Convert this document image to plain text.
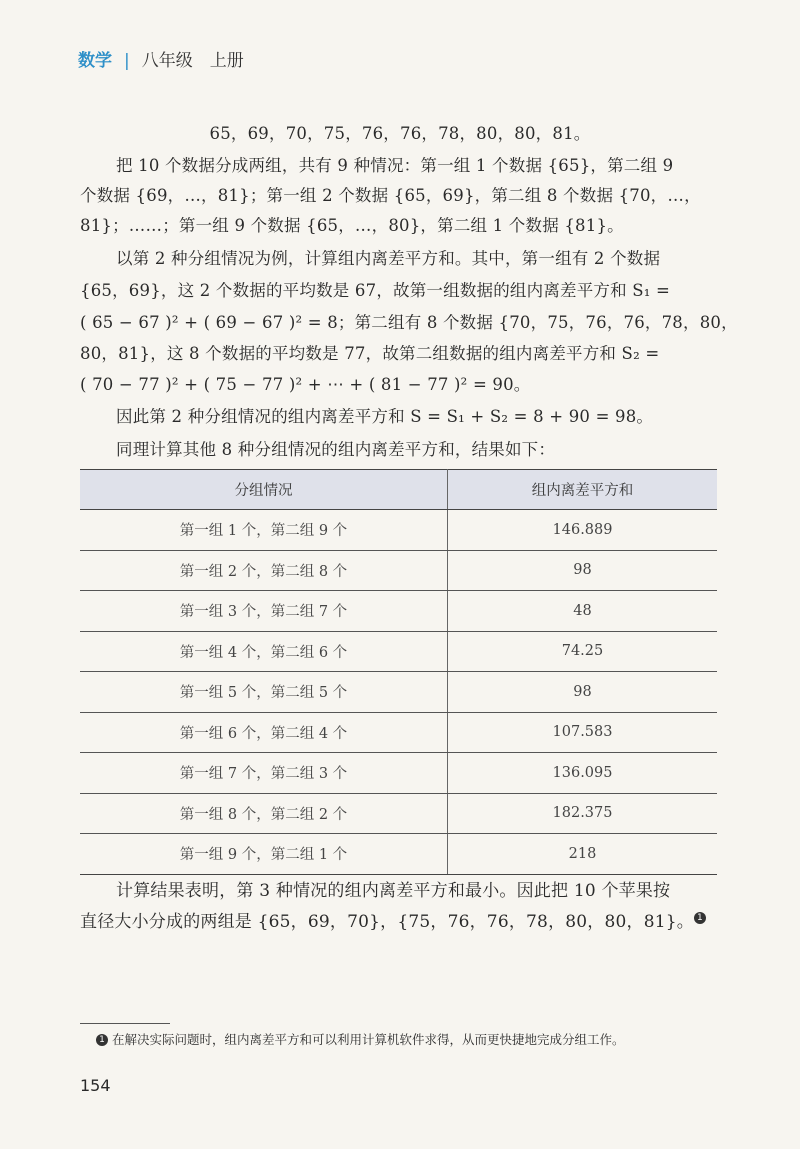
数学 | 八年级　上册
65，69，70，75，76，76，78，80，80，81。
把 10 个数据分成两组，共有 9 种情况：第一组 1 个数据 {65}，第二组 9
个数据 {69，…，81}；第一组 2 个数据 {65，69}，第二组 8 个数据 {70，…，
81}；……；第一组 9 个数据 {65，…，80}，第二组 1 个数据 {81}。
以第 2 种分组情况为例，计算组内离差平方和。其中，第一组有 2 个数据
{65，69}，这 2 个数据的平均数是 67，故第一组数据的组内离差平方和 S₁ =
( 65 − 67 )² + ( 69 − 67 )² = 8；第二组有 8 个数据 {70，75，76，76，78，80，
80，81}，这 8 个数据的平均数是 77，故第二组数据的组内离差平方和 S₂ =
( 70 − 77 )² + ( 75 − 77 )² + ⋯ + ( 81 − 77 )² = 90。
因此第 2 种分组情况的组内离差平方和 S = S₁ + S₂ = 8 + 90 = 98。
同理计算其他 8 种分组情况的组内离差平方和，结果如下：
分组情况	组内离差平方和
第一组 1 个，第二组 9 个	146.889
第一组 2 个，第二组 8 个	98
第一组 3 个，第二组 7 个	48
第一组 4 个，第二组 6 个	74.25
第一组 5 个，第二组 5 个	98
第一组 6 个，第二组 4 个	107.583
第一组 7 个，第二组 3 个	136.095
第一组 8 个，第二组 2 个	182.375
第一组 9 个，第二组 1 个	218
计算结果表明，第 3 种情况的组内离差平方和最小。因此把 10 个苹果按
直径大小分成的两组是 {65，69，70}，{75，76，76，78，80，80，81}。 1
1 在解决实际问题时，组内离差平方和可以利用计算机软件求得，从而更快捷地完成分组工作。
154
